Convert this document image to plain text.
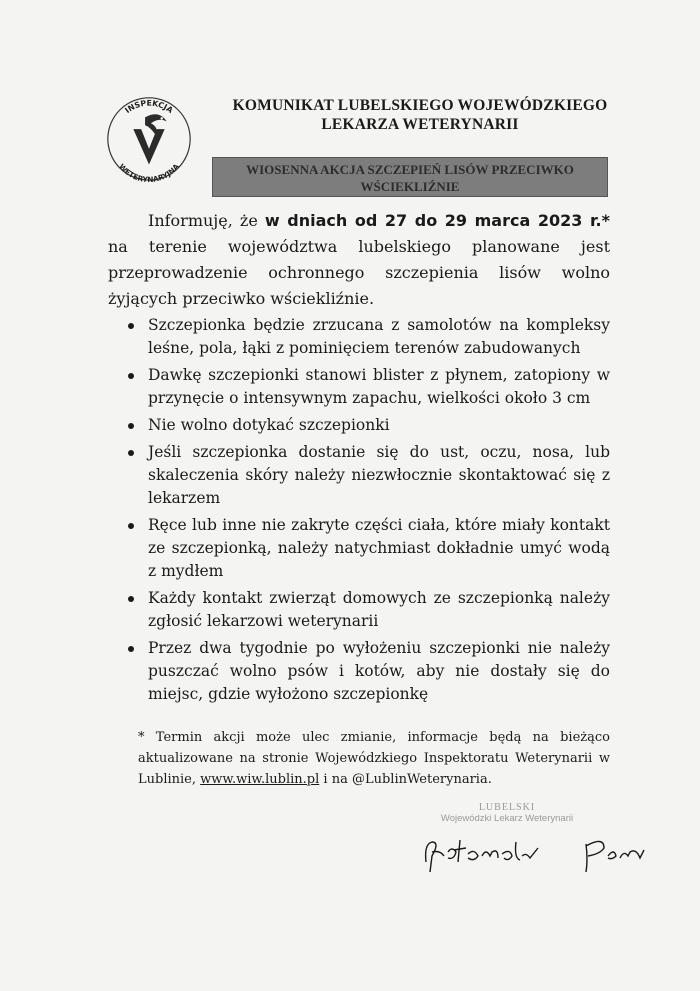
INSPEKCJA
WETERYNARYJNA
KOMUNIKAT LUBELSKIEGO WOJEWÓDZKIEGO
LEKARZA WETERYNARII
WIOSENNA AKCJA SZCZEPIEŃ LISÓW PRZECIWKO
WŚCIEKLIŹNIE
Informuję, że w dniach od 27 do 29 marca 2023 r.* na terenie województwa lubelskiego planowane jest przeprowadzenie ochronnego szczepienia lisów wolno żyjących przeciwko wściekliźnie.
Szczepionka będzie zrzucana z samolotów na kompleksy leśne, pola, łąki z pominięciem terenów zabudowanych
Dawkę szczepionki stanowi blister z płynem, zatopiony w przynęcie o intensywnym zapachu, wielkości około 3 cm
Nie wolno dotykać szczepionki
Jeśli szczepionka dostanie się do ust, oczu, nosa, lub skaleczenia skóry należy niezwłocznie skontaktować się z lekarzem
Ręce lub inne nie zakryte części ciała, które miały kontakt ze szczepionką, należy natychmiast dokładnie umyć wodą z mydłem
Każdy kontakt zwierząt domowych ze szczepionką należy zgłosić lekarzowi weterynarii
Przez dwa tygodnie po wyłożeniu szczepionki nie należy puszczać wolno psów i kotów, aby nie dostały się do miejsc, gdzie wyłożono szczepionkę
* Termin akcji może ulec zmianie, informacje będą na bieżąco aktualizowane na stronie Wojewódzkiego Inspektoratu Weterynarii w Lublinie, www.wiw.lublin.pl i na @LublinWeterynaria.
LUBELSKI
Wojewódzki Lekarz Weterynarii
